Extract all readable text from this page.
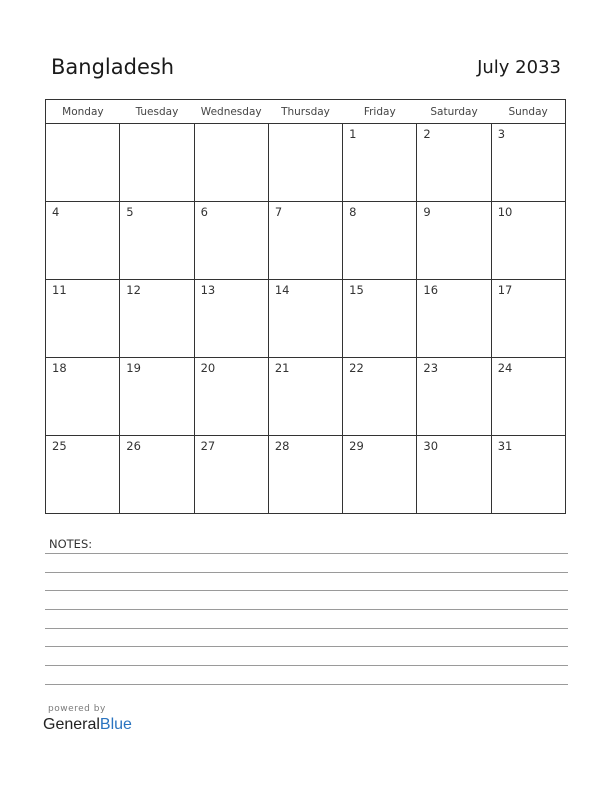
Bangladesh	July 2033
Monday	Tuesday	Wednesday	Thursday	Friday	Saturday	Sunday

				1	2	3

4	5	6	7	8	9	10

11	12	13	14	15	16	17

18	19	20	21	22	23	24

25	26	27	28	29	30	31
NOTES:
powered by
GeneralBlue
